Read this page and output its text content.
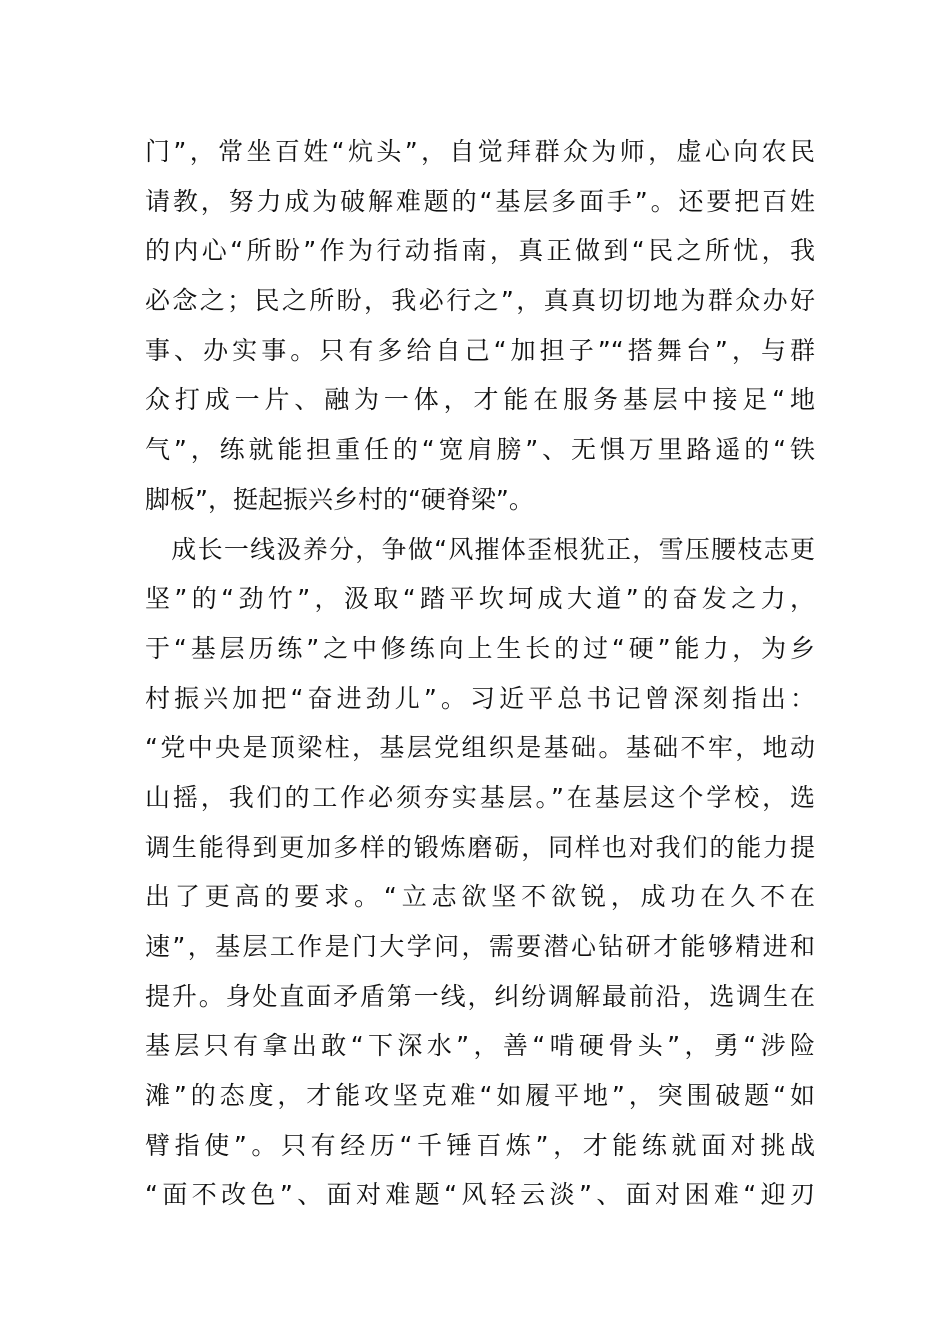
门”，常坐百姓“炕头”，自觉拜群众为师，虚心向农民
请教，努力成为破解难题的“基层多面手”。还要把百姓
的内心“所盼”作为行动指南，真正做到“民之所忧，我
必念之；民之所盼，我必行之”，真真切切地为群众办好
事、办实事。只有多给自己“加担子”“搭舞台”，与群
众打成一片、融为一体，才能在服务基层中接足“地
气”，练就能担重任的“宽肩膀”、无惧万里路遥的“铁
脚板”，挺起振兴乡村的“硬脊梁”。
　成长一线汲养分，争做“风摧体歪根犹正，雪压腰枝志更
坚”的“劲竹”，汲取“踏平坎坷成大道”的奋发之力，
于“基层历练”之中修练向上生长的过“硬”能力，为乡
村振兴加把“奋进劲儿”。习近平总书记曾深刻指出：
“党中央是顶梁柱，基层党组织是基础。基础不牢，地动
山摇，我们的工作必须夯实基层。”在基层这个学校，选
调生能得到更加多样的锻炼磨砺，同样也对我们的能力提
出了更高的要求。“立志欲坚不欲锐，成功在久不在
速”，基层工作是门大学问，需要潜心钻研才能够精进和
提升。身处直面矛盾第一线，纠纷调解最前沿，选调生在
基层只有拿出敢“下深水”，善“啃硬骨头”，勇“涉险
滩”的态度，才能攻坚克难“如履平地”，突围破题“如
臂指使”。只有经历“千锤百炼”，才能练就面对挑战
“面不改色”、面对难题“风轻云淡”、面对困难“迎刃
